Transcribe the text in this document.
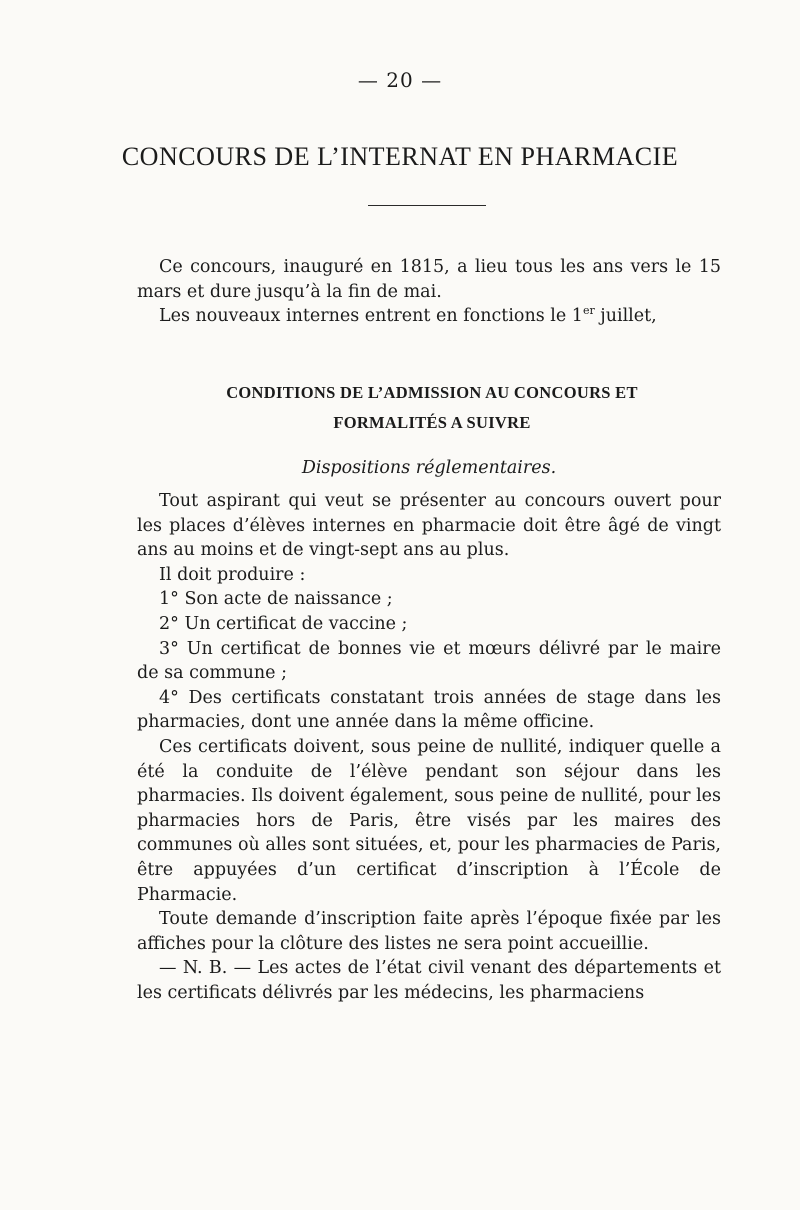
— 20 —
CONCOURS DE L’INTERNAT EN PHARMACIE

Ce concours, inauguré en 1815, a lieu tous les ans vers le 15 mars et dure jusqu’à la fin de mai.

Les nouveaux internes entrent en fonctions le 1er juillet,

CONDITIONS DE L’ADMISSION AU CONCOURS ET
FORMALITÉS A SUIVRE
Dispositions réglementaires.

Tout aspirant qui veut se présenter au concours ouvert pour les places d’élèves internes en pharmacie doit être âgé de vingt ans au moins et de vingt-sept ans au plus.

Il doit produire :

1° Son acte de naissance ;

2° Un certificat de vaccine ;

3° Un certificat de bonnes vie et mœurs délivré par le maire de sa commune ;

4° Des certificats constatant trois années de stage dans les pharmacies, dont une année dans la même officine.

Ces certificats doivent, sous peine de nullité, indiquer quelle a été la conduite de l’élève pendant son séjour dans les pharmacies. Ils doivent également, sous peine de nullité, pour les pharmacies hors de Paris, être visés par les maires des communes où alles sont situées, et, pour les pharmacies de Paris, être appuyées d’un certificat d’inscription à l’École de Pharmacie.

Toute demande d’inscription faite après l’époque fixée par les affiches pour la clôture des listes ne sera point accueillie.

— N. B. — Les actes de l’état civil venant des départements et les certificats délivrés par les médecins, les pharmaciens
